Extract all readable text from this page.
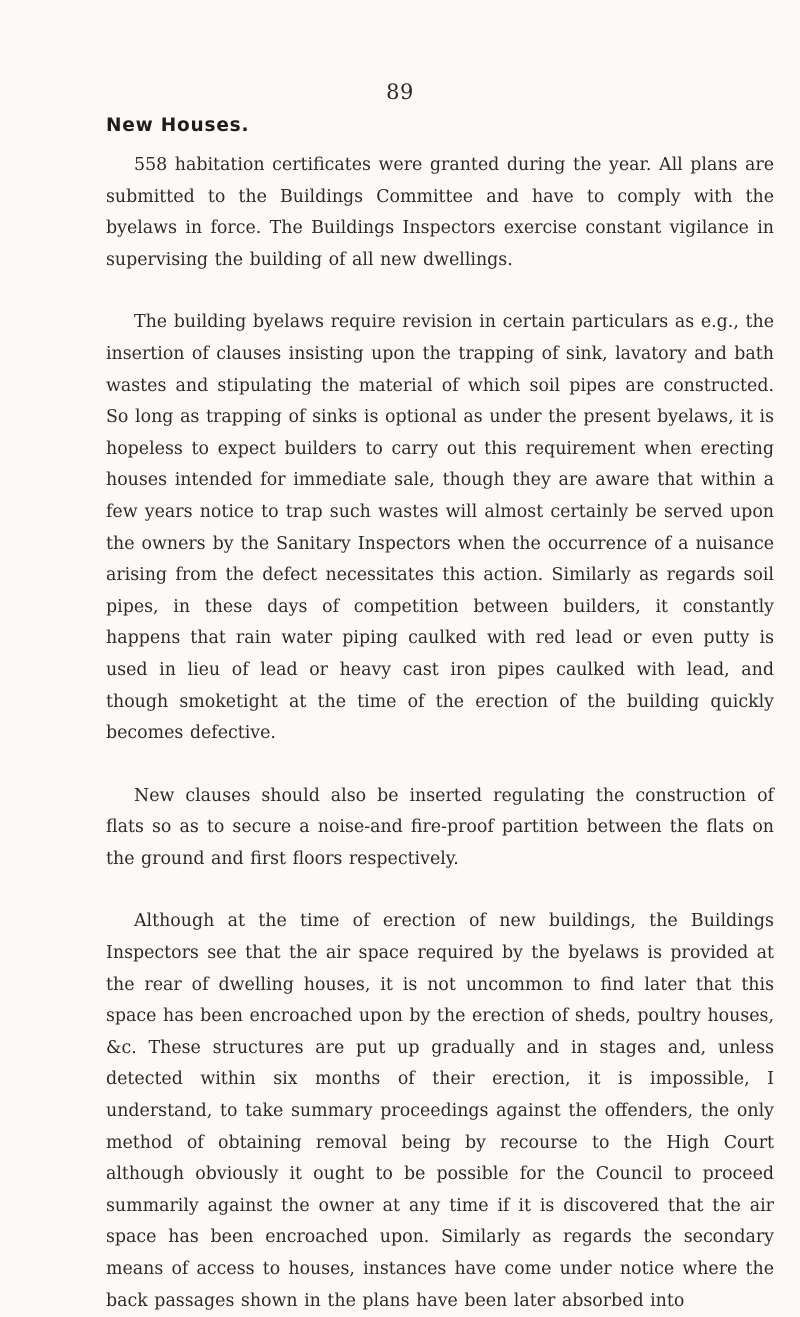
89
New Houses.

558 habitation certificates were granted during the year. All plans are submitted to the Buildings Committee and have to comply with the byelaws in force. The Buildings Inspectors exercise constant vigilance in supervising the building of all new dwellings.

The building byelaws require revision in certain particulars as e.g., the insertion of clauses insisting upon the trapping of sink, lavatory and bath wastes and stipulating the material of which soil pipes are constructed. So long as trapping of sinks is optional as under the present byelaws, it is hopeless to expect builders to carry out this requirement when erecting houses intended for immediate sale, though they are aware that within a few years notice to trap such wastes will almost certainly be served upon the owners by the Sanitary Inspectors when the occurrence of a nuisance arising from the defect necessitates this action. Similarly as regards soil pipes, in these days of competition between builders, it constantly happens that rain water piping caulked with red lead or even putty is used in lieu of lead or heavy cast iron pipes caulked with lead, and though smoketight at the time of the erection of the building quickly becomes defective.

New clauses should also be inserted regulating the construction of flats so as to secure a noise-and fire-proof partition between the flats on the ground and first floors respectively.

Although at the time of erection of new buildings, the Buildings Inspectors see that the air space required by the byelaws is provided at the rear of dwelling houses, it is not uncommon to find later that this space has been encroached upon by the erection of sheds, poultry houses, &c. These structures are put up gradually and in stages and, unless detected within six months of their erection, it is impossible, I understand, to take summary proceedings against the offenders, the only method of obtaining removal being by recourse to the High Court although obviously it ought to be possible for the Council to proceed summarily against the owner at any time if it is discovered that the air space has been encroached upon. Similarly as regards the secondary means of access to houses, instances have come under notice where the back passages shown in the plans have been later absorbed into
